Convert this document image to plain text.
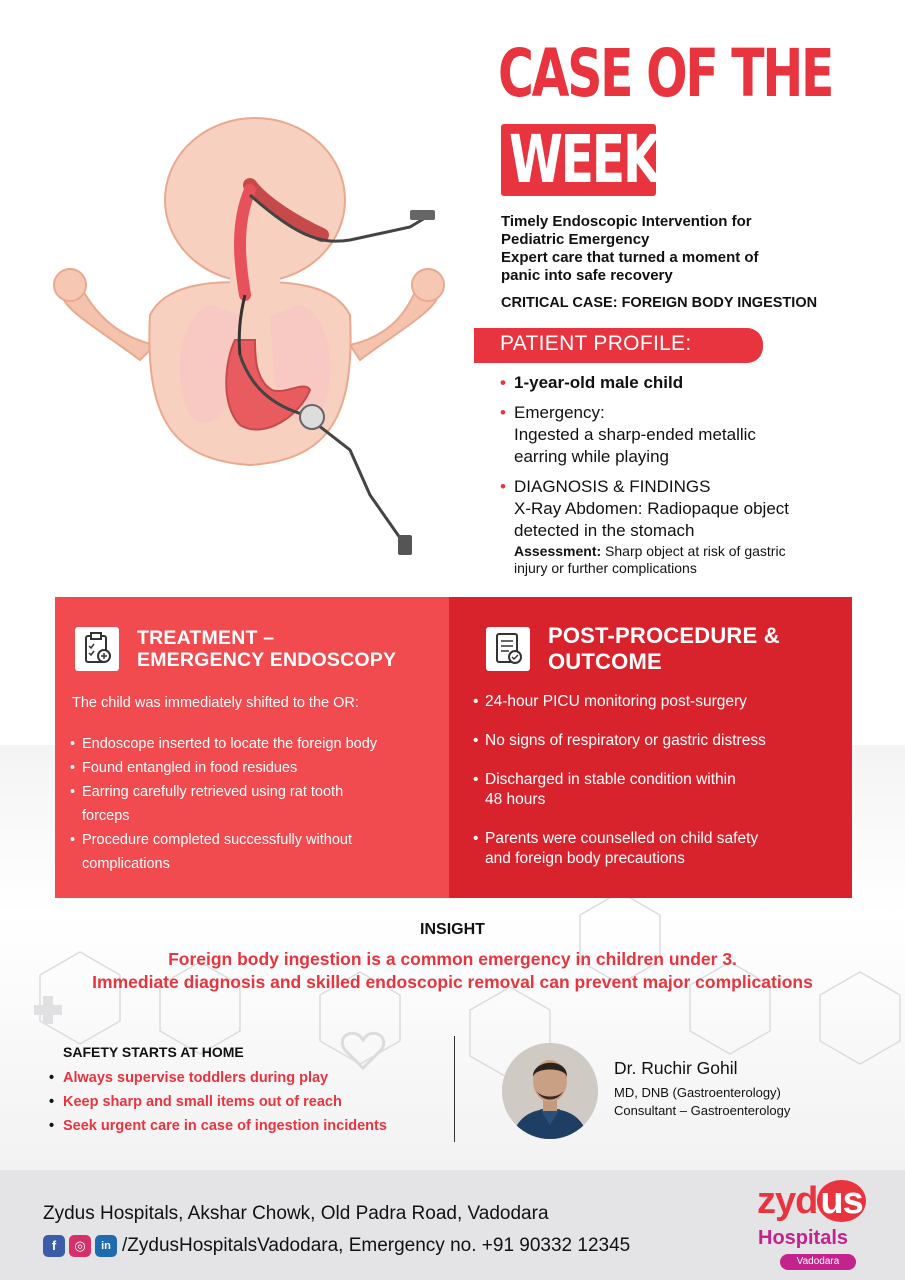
CASE OF THE
WEEK
Timely Endoscopic Intervention for
Pediatric Emergency
Expert care that turned a moment of
panic into safe recovery
CRITICAL CASE: FOREIGN BODY INGESTION
PATIENT PROFILE:
• 1-year-old male child
• Emergency:
Ingested a sharp-ended metallic
earring while playing
• DIAGNOSIS & FINDINGS
X-Ray Abdomen: Radiopaque object
detected in the stomach
Assessment: Sharp object at risk of gastric
injury or further complications
TREATMENT –
EMERGENCY ENDOSCOPY
The child was immediately shifted to the OR:
• Endoscope inserted to locate the foreign body
• Found entangled in food residues
• Earring carefully retrieved using rat tooth
forceps
• Procedure completed successfully without
complications
POST-PROCEDURE &
OUTCOME
• 24-hour PICU monitoring post-surgery
• No signs of respiratory or gastric distress
• Discharged in stable condition within
48 hours
• Parents were counselled on child safety
and foreign body precautions
INSIGHT
Foreign body ingestion is a common emergency in children under 3.
Immediate diagnosis and skilled endoscopic removal can prevent major complications
SAFETY STARTS AT HOME
• Always supervise toddlers during play
• Keep sharp and small items out of reach
• Seek urgent care in case of ingestion incidents
Dr. Ruchir Gohil
MD, DNB (Gastroenterology)
Consultant – Gastroenterology
Zydus Hospitals, Akshar Chowk, Old Padra Road, Vadodara
f	◎	in /ZydusHospitalsVadodara, Emergency no. +91 90332 12345
zydus
Hospitals
Vadodara
